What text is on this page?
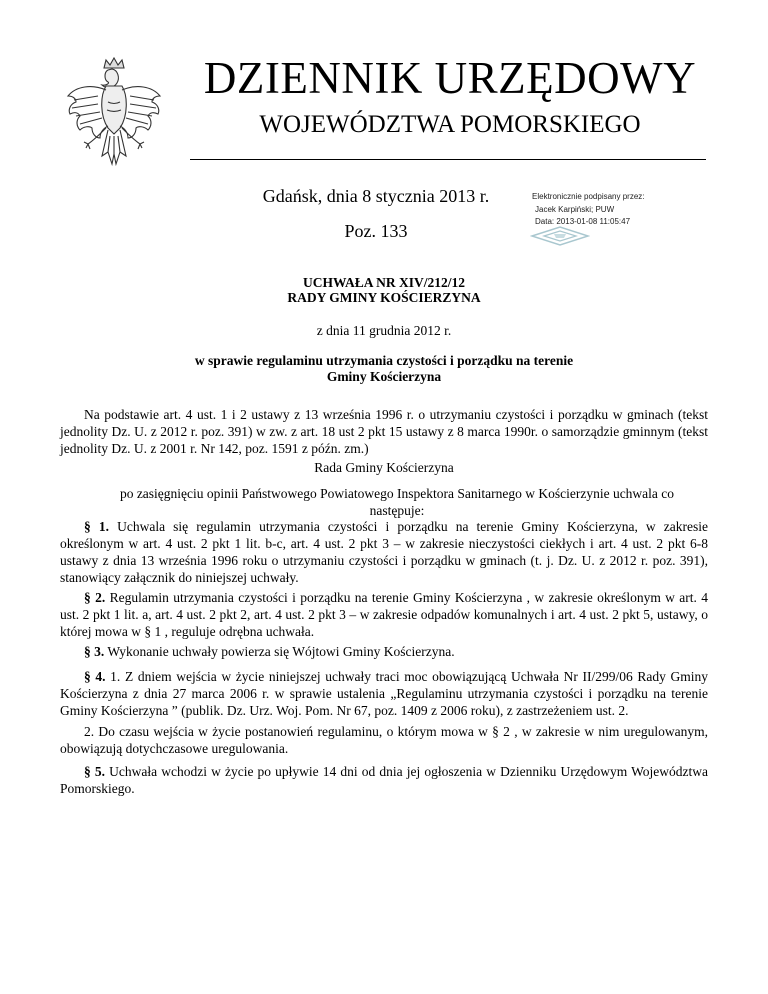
DZIENNIK URZĘDOWY
WOJEWÓDZTWA POMORSKIEGO
Gdańsk, dnia 8 stycznia 2013 r.
Poz. 133
Elektronicznie podpisany przez:
Jacek Karpiński; PUW
Data: 2013-01-08 11:05:47
UCHWAŁA NR XIV/212/12
RADY GMINY KOŚCIERZYNA
z dnia 11 grudnia 2012 r.
w sprawie regulaminu utrzymania czystości i porządku na terenie
Gminy Kościerzyna

Na podstawie art. 4 ust. 1 i 2 ustawy z 13 września 1996 r. o utrzymaniu czystości i porządku w gminach (tekst jednolity Dz. U. z 2012 r. poz. 391) w zw. z art. 18 ust 2 pkt 15 ustawy z 8 marca 1990r. o samorządzie gminnym (tekst jednolity Dz. U. z 2001 r. Nr 142, poz. 1591 z późn. zm.)

Rada Gminy Kościerzyna
po zasięgnięciu opinii Państwowego Powiatowego Inspektora Sanitarnego w Kościerzynie uchwala co następuje:

§ 1. Uchwala się regulamin utrzymania czystości i porządku na terenie Gminy Kościerzyna, w zakresie określonym w art. 4 ust. 2 pkt 1 lit. b-c, art. 4 ust. 2 pkt 3 – w zakresie nieczystości ciekłych i art. 4 ust. 2 pkt 6-8 ustawy z dnia 13 września 1996 roku o utrzymaniu czystości i porządku w gminach (t. j. Dz. U. z 2012 r. poz. 391), stanowiący załącznik do niniejszej uchwały.

§ 2. Regulamin utrzymania czystości i porządku na terenie Gminy Kościerzyna , w zakresie określonym w art. 4 ust. 2 pkt 1 lit. a, art. 4 ust. 2 pkt 2, art. 4 ust. 2 pkt 3 – w zakresie odpadów komunalnych i art. 4 ust. 2 pkt 5, ustawy, o której mowa w § 1 , reguluje odrębna uchwała.

§ 3. Wykonanie uchwały powierza się Wójtowi Gminy Kościerzyna.

§ 4. 1. Z dniem wejścia w życie niniejszej uchwały traci moc obowiązującą Uchwała Nr II/299/06 Rady Gminy Kościerzyna z dnia 27 marca 2006 r. w sprawie ustalenia „Regulaminu utrzymania czystości i porządku na terenie Gminy Kościerzyna ” (publik. Dz. Urz. Woj. Pom. Nr 67, poz. 1409 z 2006 roku), z zastrzeżeniem ust. 2.

2. Do czasu wejścia w życie postanowień regulaminu, o którym mowa w § 2 , w zakresie w nim uregulowanym, obowiązują dotychczasowe uregulowania.

§ 5. Uchwała wchodzi w życie po upływie 14 dni od dnia jej ogłoszenia w Dzienniku Urzędowym Województwa Pomorskiego.
